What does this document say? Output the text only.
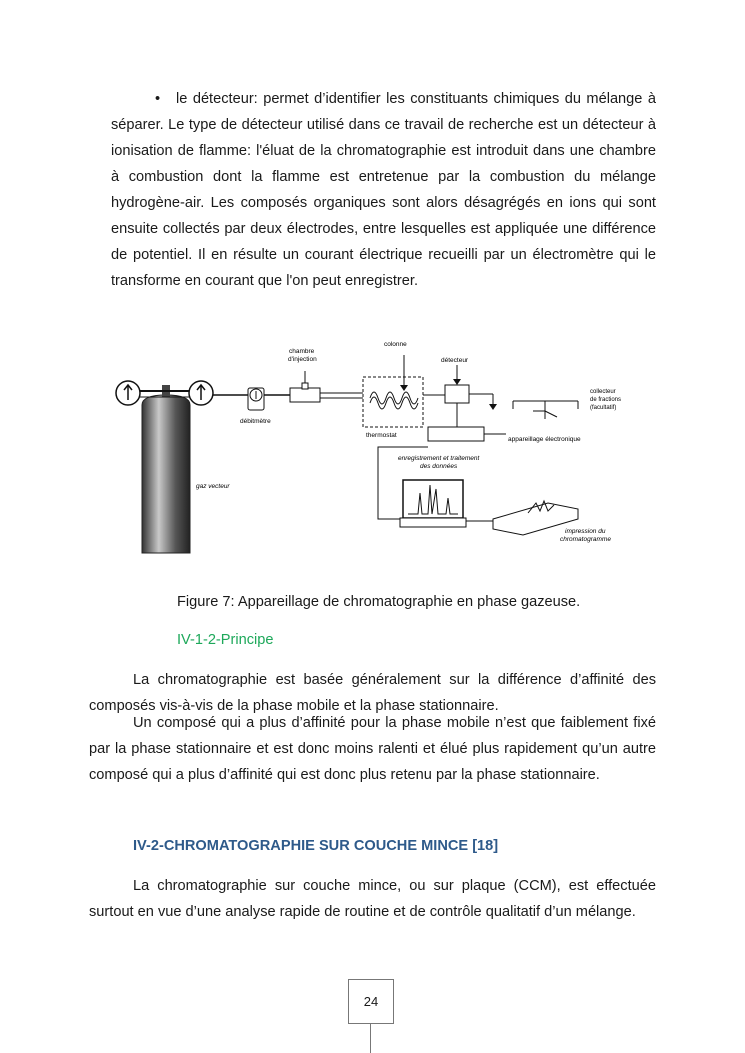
•	le détecteur: permet d’identifier les constituants chimiques du mélange à séparer. Le type de détecteur utilisé dans ce travail de recherche est un détecteur à ionisation de flamme: l'éluat de la chromatographie est introduit dans une chambre à combustion dont la flamme est entretenue par la combustion du mélange hydrogène-air. Les composés organiques sont alors désagrégés en ions qui sont ensuite collectés par deux électrodes, entre lesquelles est appliquée une différence de potentiel. Il en résulte un courant électrique recueilli par un électromètre qui le transforme en courant que l'on peut enregistrer.
débitmètre
chambre
d'injection
colonne
thermostat
détecteur
collecteur
de fractions
(facultatif)
appareillage électronique
enregistrement et traitement
des données
impression du
chromatogramme
gaz vecteur
Figure 7: Appareillage de chromatographie en phase gazeuse.
IV-1-2-Principe

La chromatographie est basée généralement sur la différence d’affinité des composés vis-à-vis de la phase mobile et la phase stationnaire.

Un composé qui a plus d’affinité pour la phase mobile n’est que faiblement fixé par la phase stationnaire et est donc moins ralenti et élué plus rapidement qu’un autre composé qui a plus d’affinité qui est donc plus retenu par la phase stationnaire.

IV-2-CHROMATOGRAPHIE SUR COUCHE MINCE [18]

La chromatographie sur couche mince, ou sur plaque (CCM), est effectuée surtout en vue d’une analyse rapide de routine et de contrôle qualitatif d’un mélange.

24
